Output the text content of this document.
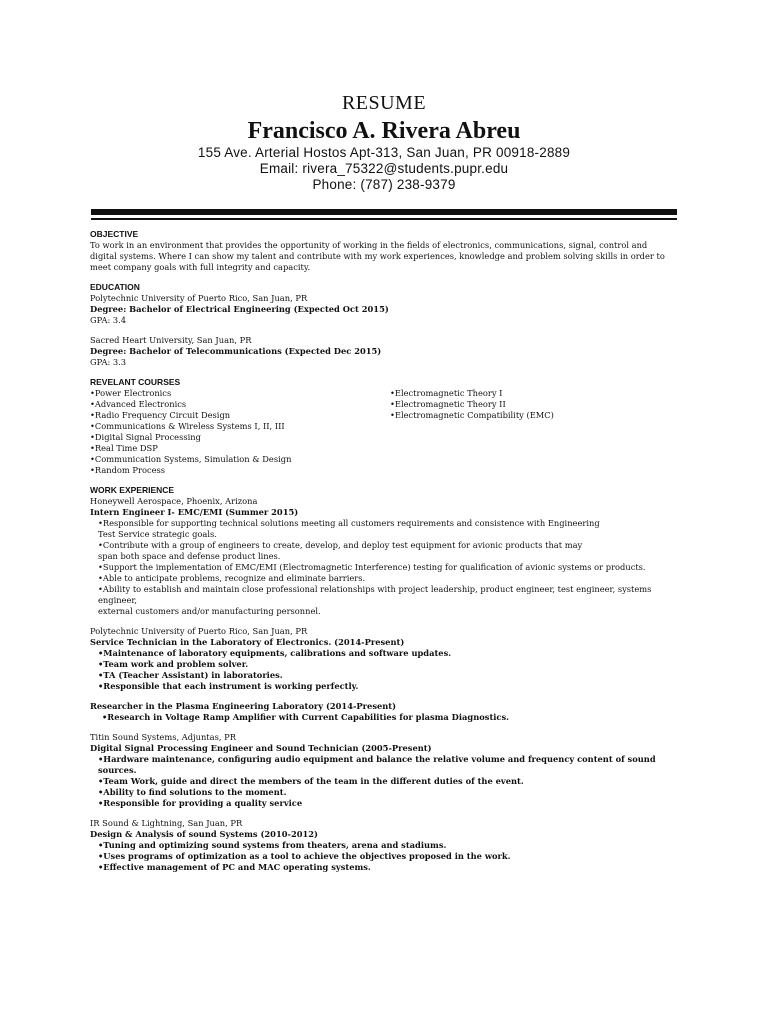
RESUME
Francisco A. Rivera Abreu
155 Ave. Arterial Hostos Apt-313, San Juan, PR 00918-2889
Email: rivera_75322@students.pupr.edu
Phone: (787) 238-9379
OBJECTIVE
To work in an environment that provides the opportunity of working in the fields of electronics, communications, signal, control and
digital systems. Where I can show my talent and contribute with my work experiences, knowledge and problem solving skills in order to
meet company goals with full integrity and capacity.
EDUCATION
Polytechnic University of Puerto Rico, San Juan, PR
Degree: Bachelor of Electrical Engineering (Expected Oct 2015)
GPA: 3.4
Sacred Heart University, San Juan, PR
Degree: Bachelor of Telecommunications (Expected Dec 2015)
GPA: 3.3
REVELANT COURSES
•Power Electronics
•Advanced Electronics
•Radio Frequency Circuit Design
•Communications & Wireless Systems I, II, III
•Digital Signal Processing
•Real Time DSP
•Communication Systems, Simulation & Design
•Random Process
•Electromagnetic Theory I
•Electromagnetic Theory II
•Electromagnetic Compatibility (EMC)
WORK EXPERIENCE
Honeywell Aerospace, Phoenix, Arizona
Intern Engineer I- EMC/EMI (Summer 2015)
•Responsible for supporting technical solutions meeting all customers requirements and consistence with Engineering
Test Service strategic goals.
•Contribute with a group of engineers to create, develop, and deploy test equipment for avionic products that may
span both space and defense product lines.
•Support the implementation of EMC/EMI (Electromagnetic Interference) testing for qualification of avionic systems or products.
•Able to anticipate problems, recognize and eliminate barriers.
•Ability to establish and maintain close professional relationships with project leadership, product engineer, test engineer, systems engineer,
external customers and/or manufacturing personnel.
Polytechnic University of Puerto Rico, San Juan, PR
Service Technician in the Laboratory of Electronics. (2014-Present)
•Maintenance of laboratory equipments, calibrations and software updates.
•Team work and problem solver.
•TA (Teacher Assistant) in laboratories.
•Responsible that each instrument is working perfectly.
Researcher in the Plasma Engineering Laboratory (2014-Present)
•Research in Voltage Ramp Amplifier with Current Capabilities for plasma Diagnostics.
Titin Sound Systems, Adjuntas, PR
Digital Signal Processing Engineer and Sound Technician (2005-Present)
•Hardware maintenance, configuring audio equipment and balance the relative volume and frequency content of sound
sources.
•Team Work, guide and direct the members of the team in the different duties of the event.
•Ability to find solutions to the moment.
•Responsible for providing a quality service
IR Sound & Lightning, San Juan, PR
Design & Analysis of sound Systems (2010-2012)
•Tuning and optimizing sound systems from theaters, arena and stadiums.
•Uses programs of optimization as a tool to achieve the objectives proposed in the work.
•Effective management of PC and MAC operating systems.
